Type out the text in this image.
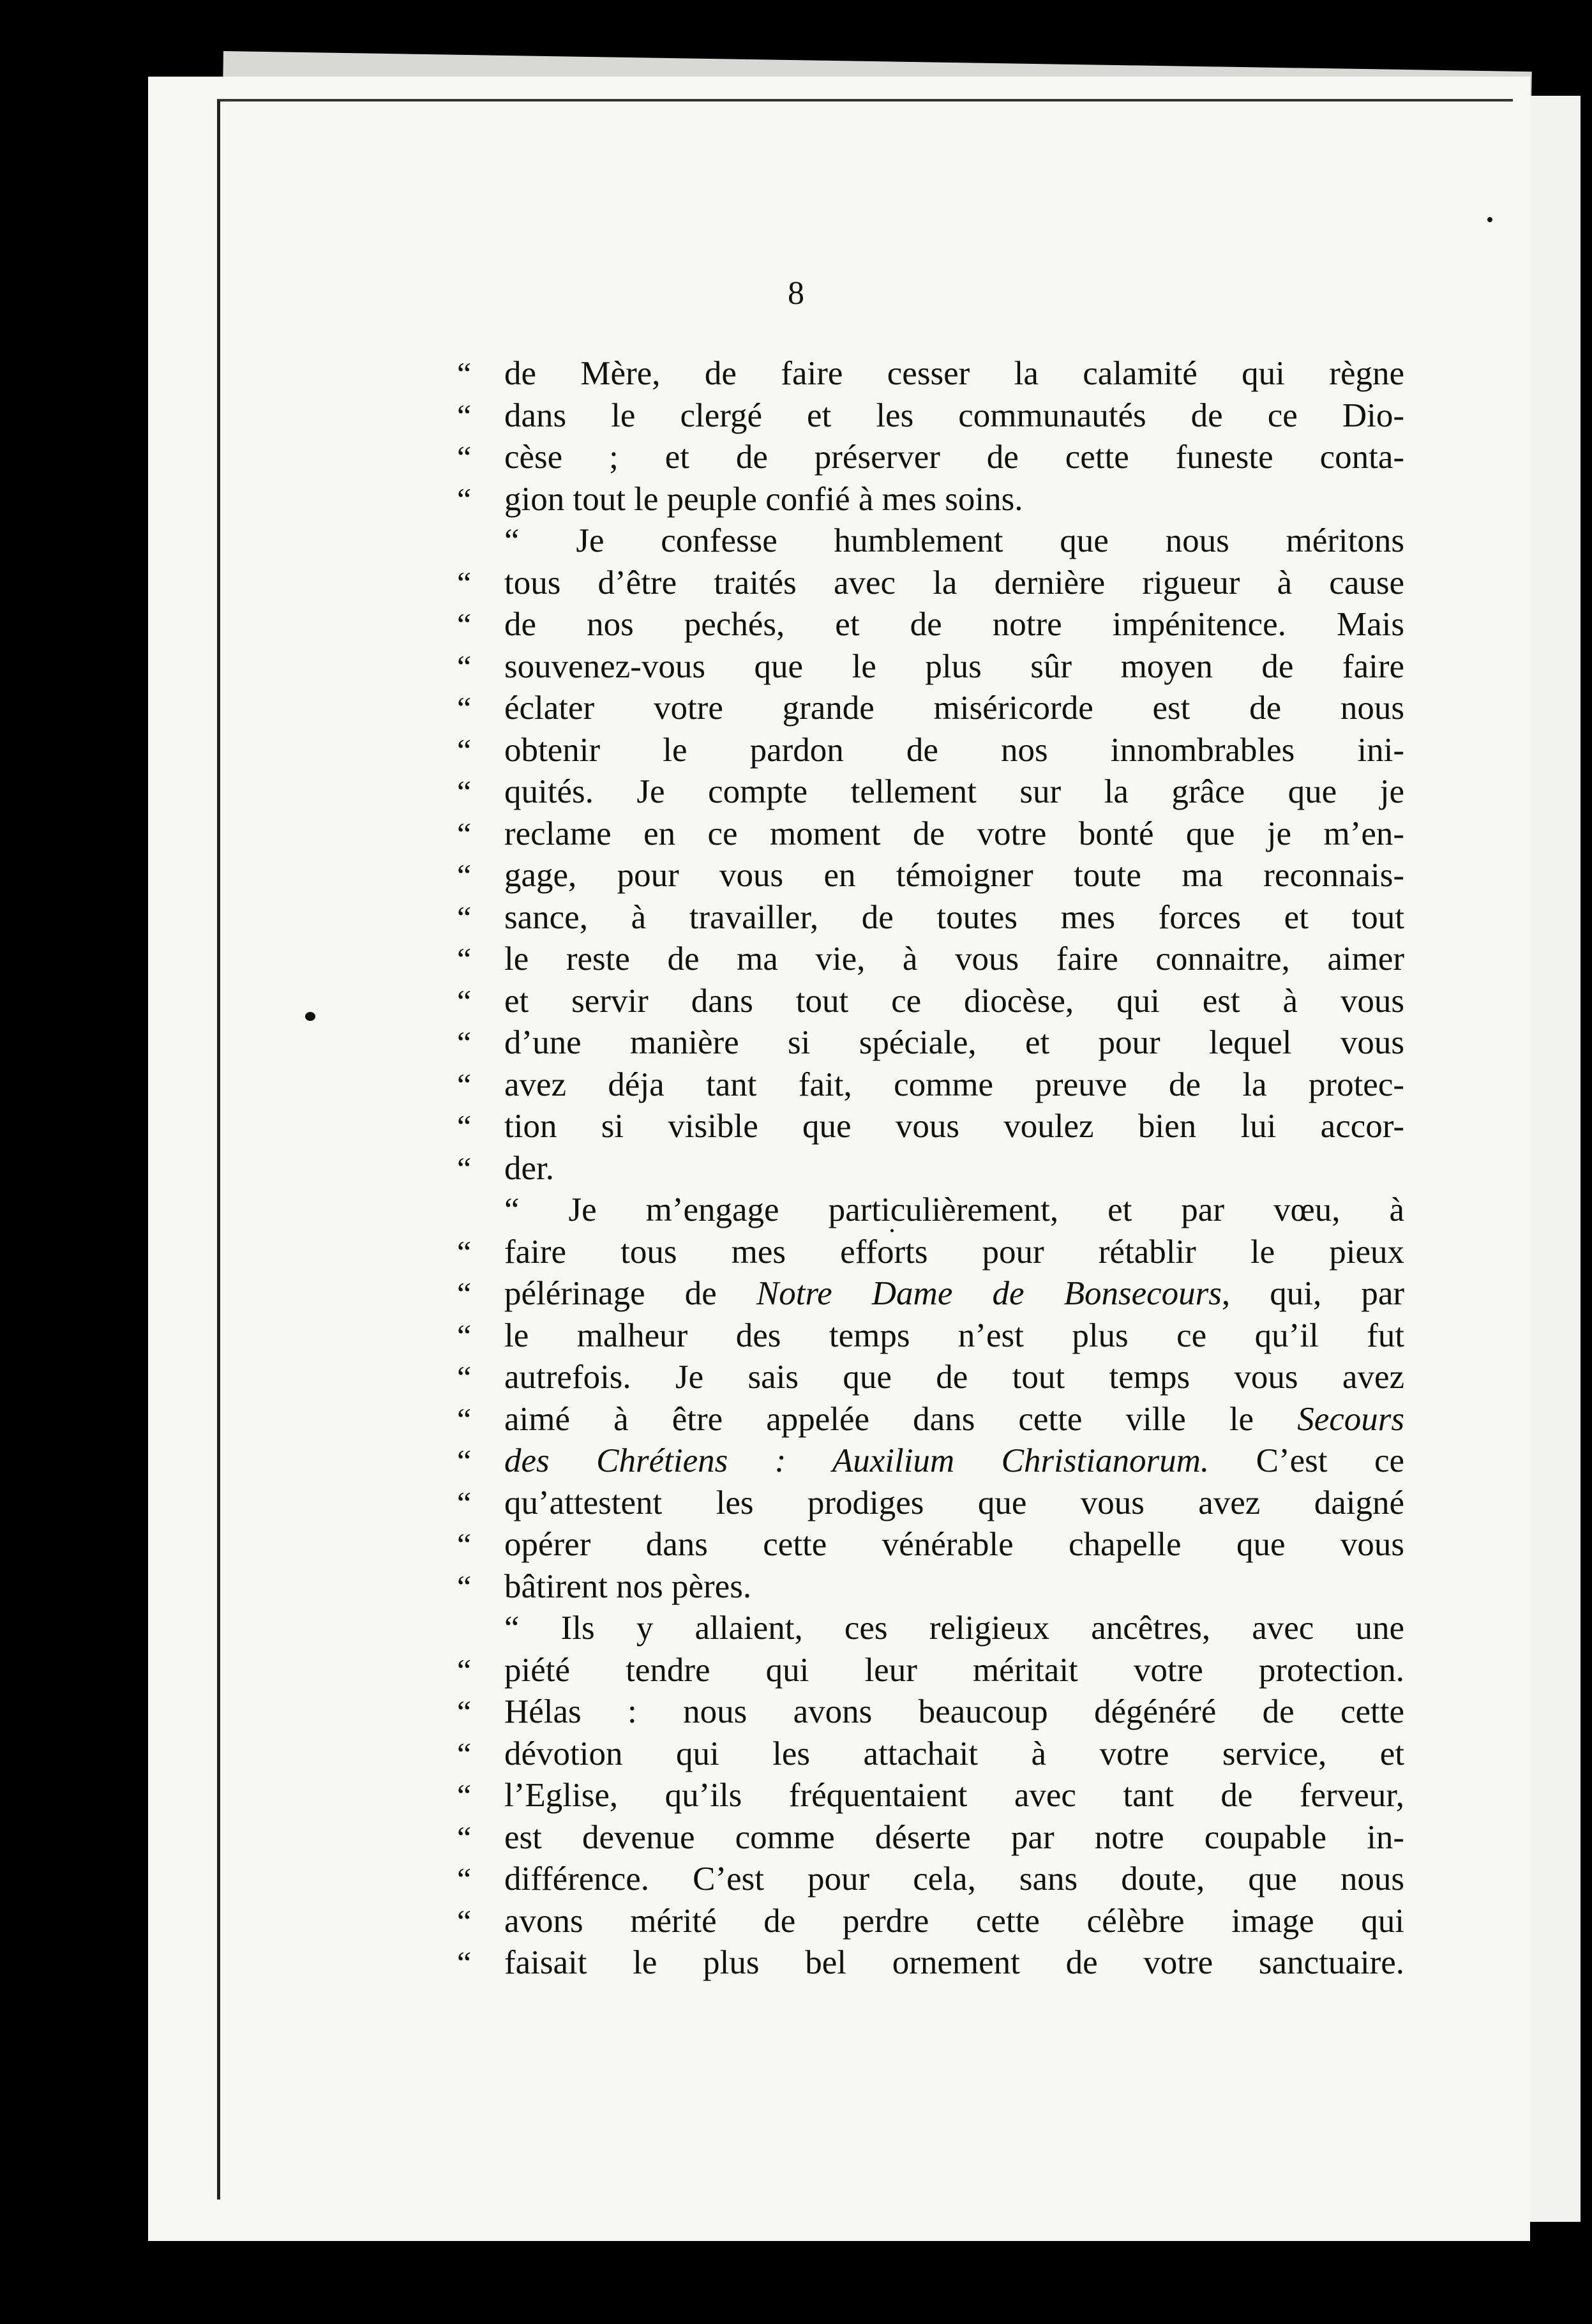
8
“ de Mère, de faire cesser la calamité qui règne
“ dans le clergé et les communautés de ce Dio-
“ cèse ; et de préserver de cette funeste conta-
“ gion tout le peuple confié à mes soins.
“ Je confesse humblement que nous méritons
“ tous d’être traités avec la dernière rigueur à cause
“ de nos pechés, et de notre impénitence. Mais
“ souvenez-vous que le plus sûr moyen de faire
“ éclater votre grande miséricorde est de nous
“ obtenir le pardon de nos innombrables ini-
“ quités. Je compte tellement sur la grâce que je
“ reclame en ce moment de votre bonté que je m’en-
“ gage, pour vous en témoigner toute ma reconnais-
“ sance, à travailler, de toutes mes forces et tout
“ le reste de ma vie, à vous faire connaitre, aimer
“ et servir dans tout ce diocèse, qui est à vous
“ d’une manière si spéciale, et pour lequel vous
“ avez déja tant fait, comme preuve de la protec-
“ tion si visible que vous voulez bien lui accor-
“ der.
“ Je m’engage particulièrement, et par vœu, à
“ faire tous mes efforts pour rétablir le pieux
“ pélérinage de Notre Dame de Bonsecours, qui, par
“ le malheur des temps n’est plus ce qu’il fut
“ autrefois. Je sais que de tout temps vous avez
“ aimé à être appelée dans cette ville le Secours
“ des Chrétiens : Auxilium Christianorum. C’est ce
“ qu’attestent les prodiges que vous avez daigné
“ opérer dans cette vénérable chapelle que vous
“ bâtirent nos pères.
“ Ils y allaient, ces religieux ancêtres, avec une
“ piété tendre qui leur méritait votre protection.
“ Hélas : nous avons beaucoup dégénéré de cette
“ dévotion qui les attachait à votre service, et
“ l’Eglise, qu’ils fréquentaient avec tant de ferveur,
“ est devenue comme déserte par notre coupable in-
“ différence. C’est pour cela, sans doute, que nous
“ avons mérité de perdre cette célèbre image qui
“ faisait le plus bel ornement de votre sanctuaire.
